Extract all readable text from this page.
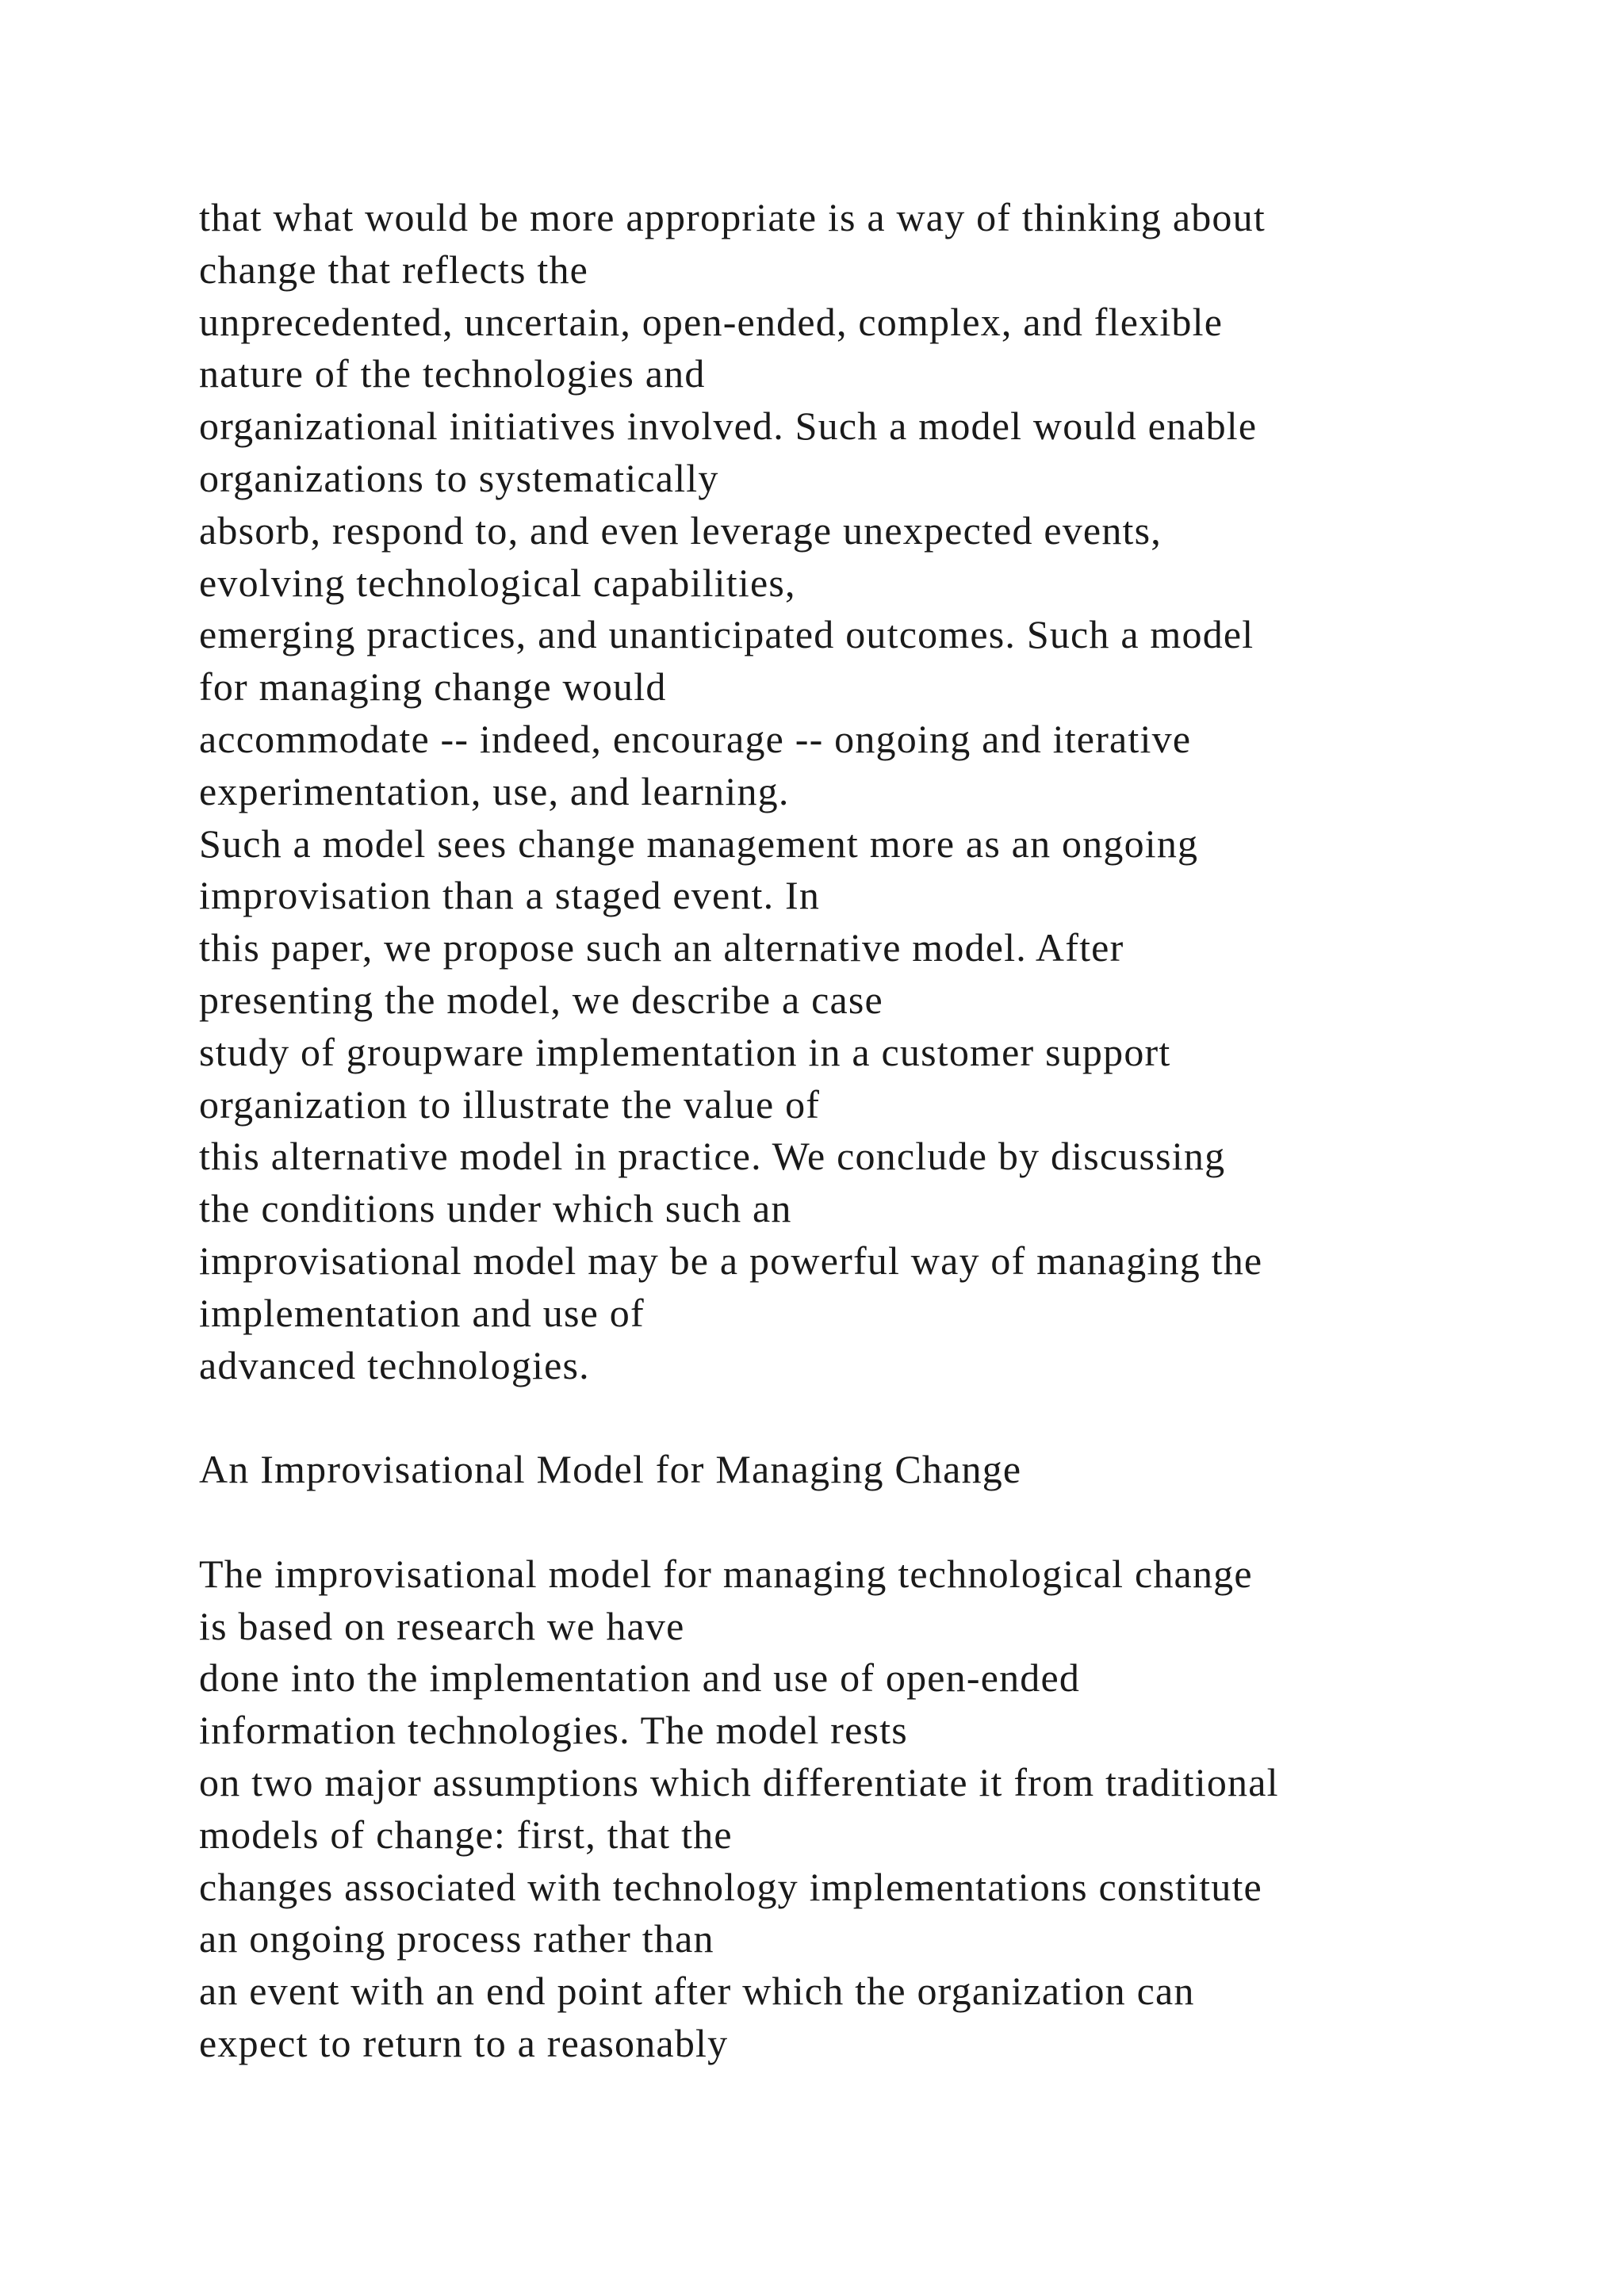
that what would be more appropriate is a way of thinking about
change that reflects the
unprecedented, uncertain, open-ended, complex, and flexible
nature of the technologies and
organizational initiatives involved. Such a model would enable
organizations to systematically
absorb, respond to, and even leverage unexpected events,
evolving technological capabilities,
emerging practices, and unanticipated outcomes. Such a model
for managing change would
accommodate -- indeed, encourage -- ongoing and iterative
experimentation, use, and learning.
Such a model sees change management more as an ongoing
improvisation than a staged event. In
this paper, we propose such an alternative model. After
presenting the model, we describe a case
study of groupware implementation in a customer support
organization to illustrate the value of
this alternative model in practice. We conclude by discussing
the conditions under which such an
improvisational model may be a powerful way of managing the
implementation and use of
advanced technologies.
An Improvisational Model for Managing Change
The improvisational model for managing technological change
is based on research we have
done into the implementation and use of open-ended
information technologies. The model rests
on two major assumptions which differentiate it from traditional
models of change: first, that the
changes associated with technology implementations constitute
an ongoing process rather than
an event with an end point after which the organization can
expect to return to a reasonably
